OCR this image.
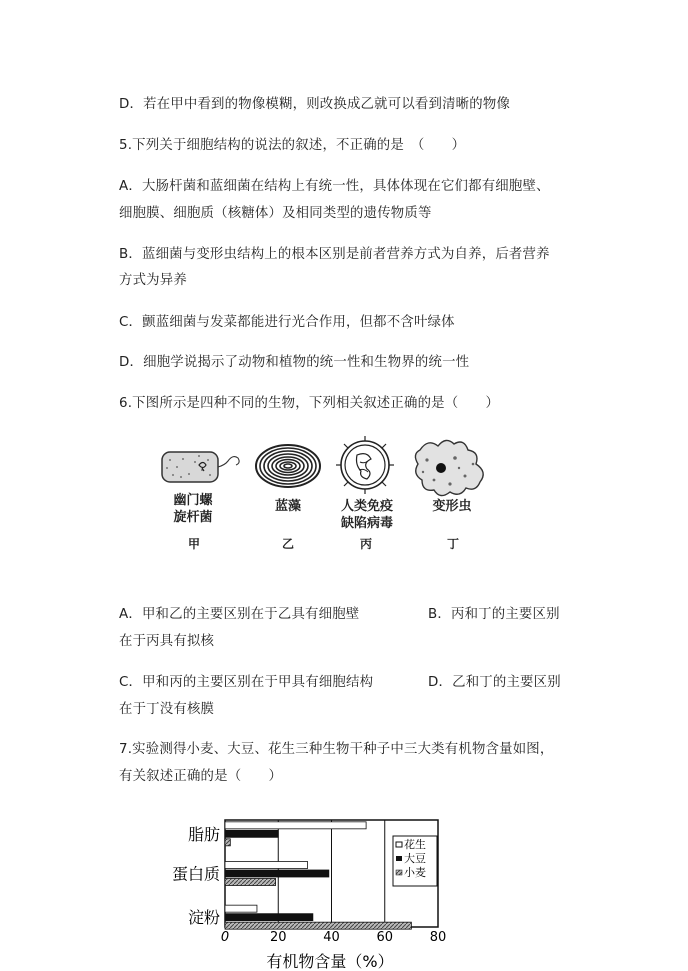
D．若在甲中看到的物像模糊，则改换成乙就可以看到清晰的物像
5.下列关于细胞结构的说法的叙述，不正确的是　（　　）
A．大肠杆菌和蓝细菌在结构上有统一性，具体体现在它们都有细胞壁、
细胞膜、细胞质（核糖体）及相同类型的遗传物质等
B．蓝细菌与变形虫结构上的根本区别是前者营养方式为自养，后者营养
方式为异养
C．颤蓝细菌与发菜都能进行光合作用，但都不含叶绿体
D．细胞学说揭示了动物和植物的统一性和生物界的统一性
6.下图所示是四种不同的生物，下列相关叙述正确的是（　　）
幽门螺
旋杆菌
甲
蓝藻
乙
人类免疫
缺陷病毒
丙
变形虫
丁
A．甲和乙的主要区别在于乙具有细胞壁	B．丙和丁的主要区别
在于丙具有拟核
C．甲和丙的主要区别在于甲具有细胞结构	D．乙和丁的主要区别
在于丁没有核膜
7.实验测得小麦、大豆、花生三种生物干种子中三大类有机物含量如图，
有关叙述正确的是（　　）
脂肪
蛋白质
淀粉
0	20	40	60	80
花生
大豆
小麦
有机物含量（%）
